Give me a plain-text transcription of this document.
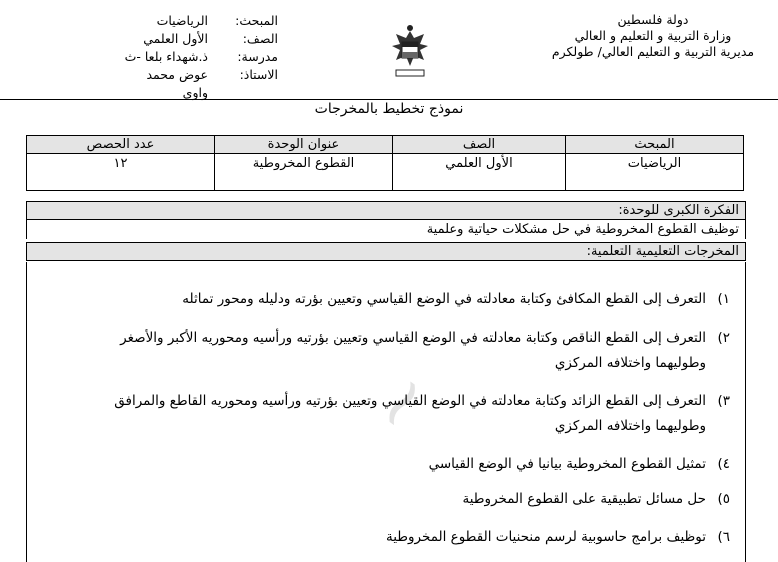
دولة فلسطين
وزارة التربية و التعليم و العالي
مديرية التربية و التعليم العالي/ طولكرم
المبحث:
الرياضيات
الصف:
الأول العلمي
مدرسة:
ذ.شهداء بلعا -ث
الاستاذ:
عوض محمد واوي
نموذج تخطيط بالمخرجات
المبحث	الصف	عنوان الوحدة	عدد الحصص
الرياضيات	الأول العلمي	القطوع المخروطية	١٢
الفكرة الكبرى للوحدة:
توظيف القطوع المخروطية في حل مشكلات حياتية وعلمية
المخرجات التعليمية التعلمية:
~
١)التعرف إلى القطع المكافئ وكتابة معادلته في الوضع القياسي وتعيين بؤرته ودليله ومحور تماثله
٢)التعرف إلى القطع الناقص وكتابة معادلته في الوضع القياسي وتعيين بؤرتيه ورأسيه ومحوريه الأكبر والأصغر
وطوليهما واختلافه المركزي
٣)التعرف إلى القطع الزائد وكتابة معادلته في الوضع القياسي وتعيين بؤرتيه ورأسيه ومحوريه القاطع والمرافق
وطوليهما واختلافه المركزي
٤)تمثيل القطوع المخروطية بيانيا في الوضع القياسي
٥)حل مسائل تطبيقية على القطوع المخروطية
٦)توظيف برامج حاسوبية لرسم منحنيات القطوع المخروطية
